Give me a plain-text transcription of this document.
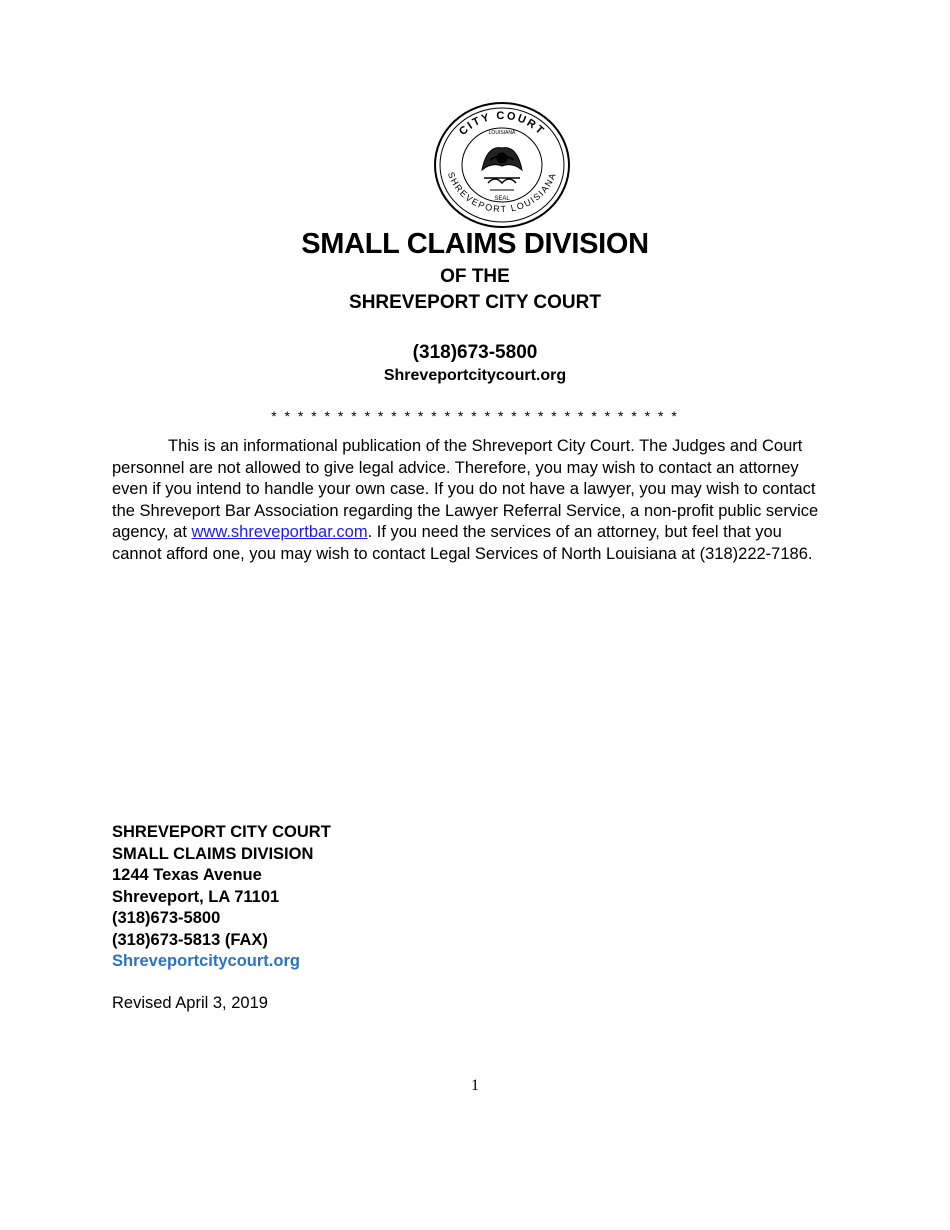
CITY COURT
SHREVEPORT LOUISIANA
LOUISIANA
SEAL
SMALL CLAIMS DIVISION
OF THE
SHREVEPORT CITY COURT
(318)673-5800
Shreveportcitycourt.org
* * * * * * * * * * * * * * * * * * * * * * * * * * * * * * *
This is an informational publication of the Shreveport City Court. The Judges and Court personnel are not allowed to give legal advice. Therefore, you may wish to contact an attorney even if you intend to handle your own case. If you do not have a lawyer, you may wish to contact the Shreveport Bar Association regarding the Lawyer Referral Service, a non-profit public service agency, at www.shreveportbar.com. If you need the services of an attorney, but feel that you cannot afford one, you may wish to contact Legal Services of North Louisiana at (318)222-7186.
SHREVEPORT CITY COURT
SMALL CLAIMS DIVISION
1244 Texas Avenue
Shreveport, LA 71101
(318)673-5800
(318)673-5813 (FAX)
Shreveportcitycourt.org
Revised April 3, 2019
1
